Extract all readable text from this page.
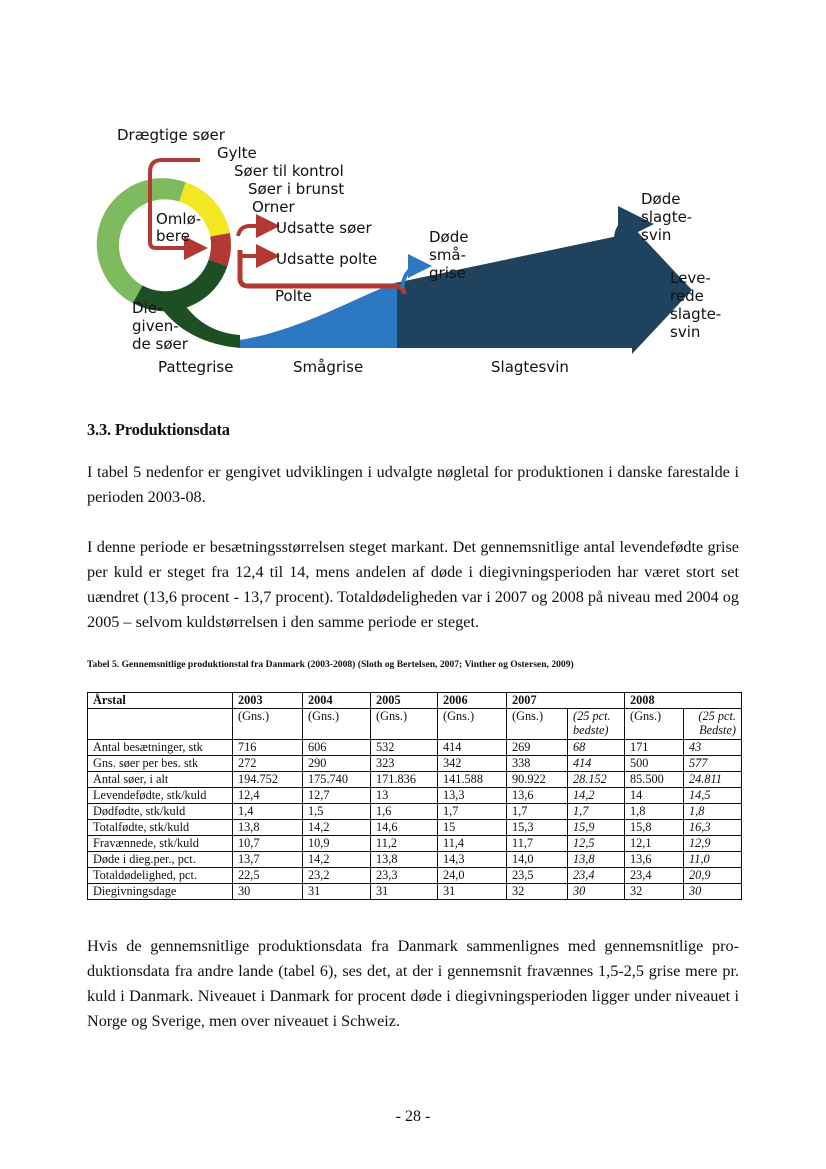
Drægtige søer
Gylte
Søer til kontrol
Søer i brunst
Orner
Omlø-
bere	Udsatte søer
Udsatte polte
Polte
Die-
given-
de søer
Pattegrise	Smågrise	Slagtesvin
Døde
små-
grise
Døde
slagte-
svin
Leve-
rede
slagte-
svin
3.3. Produktionsdata
I tabel 5 nedenfor er gengivet udviklingen i udvalgte nøgletal for produktionen i danske farestalde i perioden 2003-08.
I denne periode er besætningsstørrelsen steget markant. Det gennemsnitlige antal levendefødte grise per kuld er steget fra 12,4 til 14, mens andelen af døde i diegivningsperioden har været stort set uændret (13,6 procent - 13,7 procent). Totaldødeligheden var i 2007 og 2008 på niveau med 2004 og 2005 – selvom kuldstørrelsen i den samme periode er steget.
Tabel 5. Gennemsnitlige produktionstal fra Danmark (2003-2008) (Sloth og Bertelsen, 2007; Vinther og Ostersen, 2009)
Årstal	2003	2004	2005	2006	2007		2008	
	(Gns.)	(Gns.)	(Gns.)	(Gns.)	(Gns.)	(25 pct. bedste)	(Gns.)	(25 pct. Bedste)
Antal besætninger, stk	716	606	532	414	269	68	171	43
Gns. søer per bes. stk	272	290	323	342	338	414	500	577
Antal søer, i alt	194.752	175.740	171.836	141.588	90.922	28.152	85.500	24.811
Levendefødte, stk/kuld	12,4	12,7	13	13,3	13,6	14,2	14	14,5
Dødfødte, stk/kuld	1,4	1,5	1,6	1,7	1,7	1,7	1,8	1,8
Totalfødte, stk/kuld	13,8	14,2	14,6	15	15,3	15,9	15,8	16,3
Fravænnede, stk/kuld	10,7	10,9	11,2	11,4	11,7	12,5	12,1	12,9
Døde i dieg.per., pct.	13,7	14,2	13,8	14,3	14,0	13,8	13,6	11,0
Totaldødelighed, pct.	22,5	23,2	23,3	24,0	23,5	23,4	23,4	20,9
Diegivningsdage	30	31	31	31	32	30	32	30
Hvis de gennemsnitlige produktionsdata fra Danmark sammenlignes med gennemsnitlige produktionsdata fra andre lande (tabel 6), ses det, at der i gennemsnit fravænnes 1,5-2,5 grise mere pr. kuld i Danmark. Niveauet i Danmark for procent døde i diegivningsperioden ligger under niveauet i Norge og Sverige, men over niveauet i Schweiz.
- 28 -
